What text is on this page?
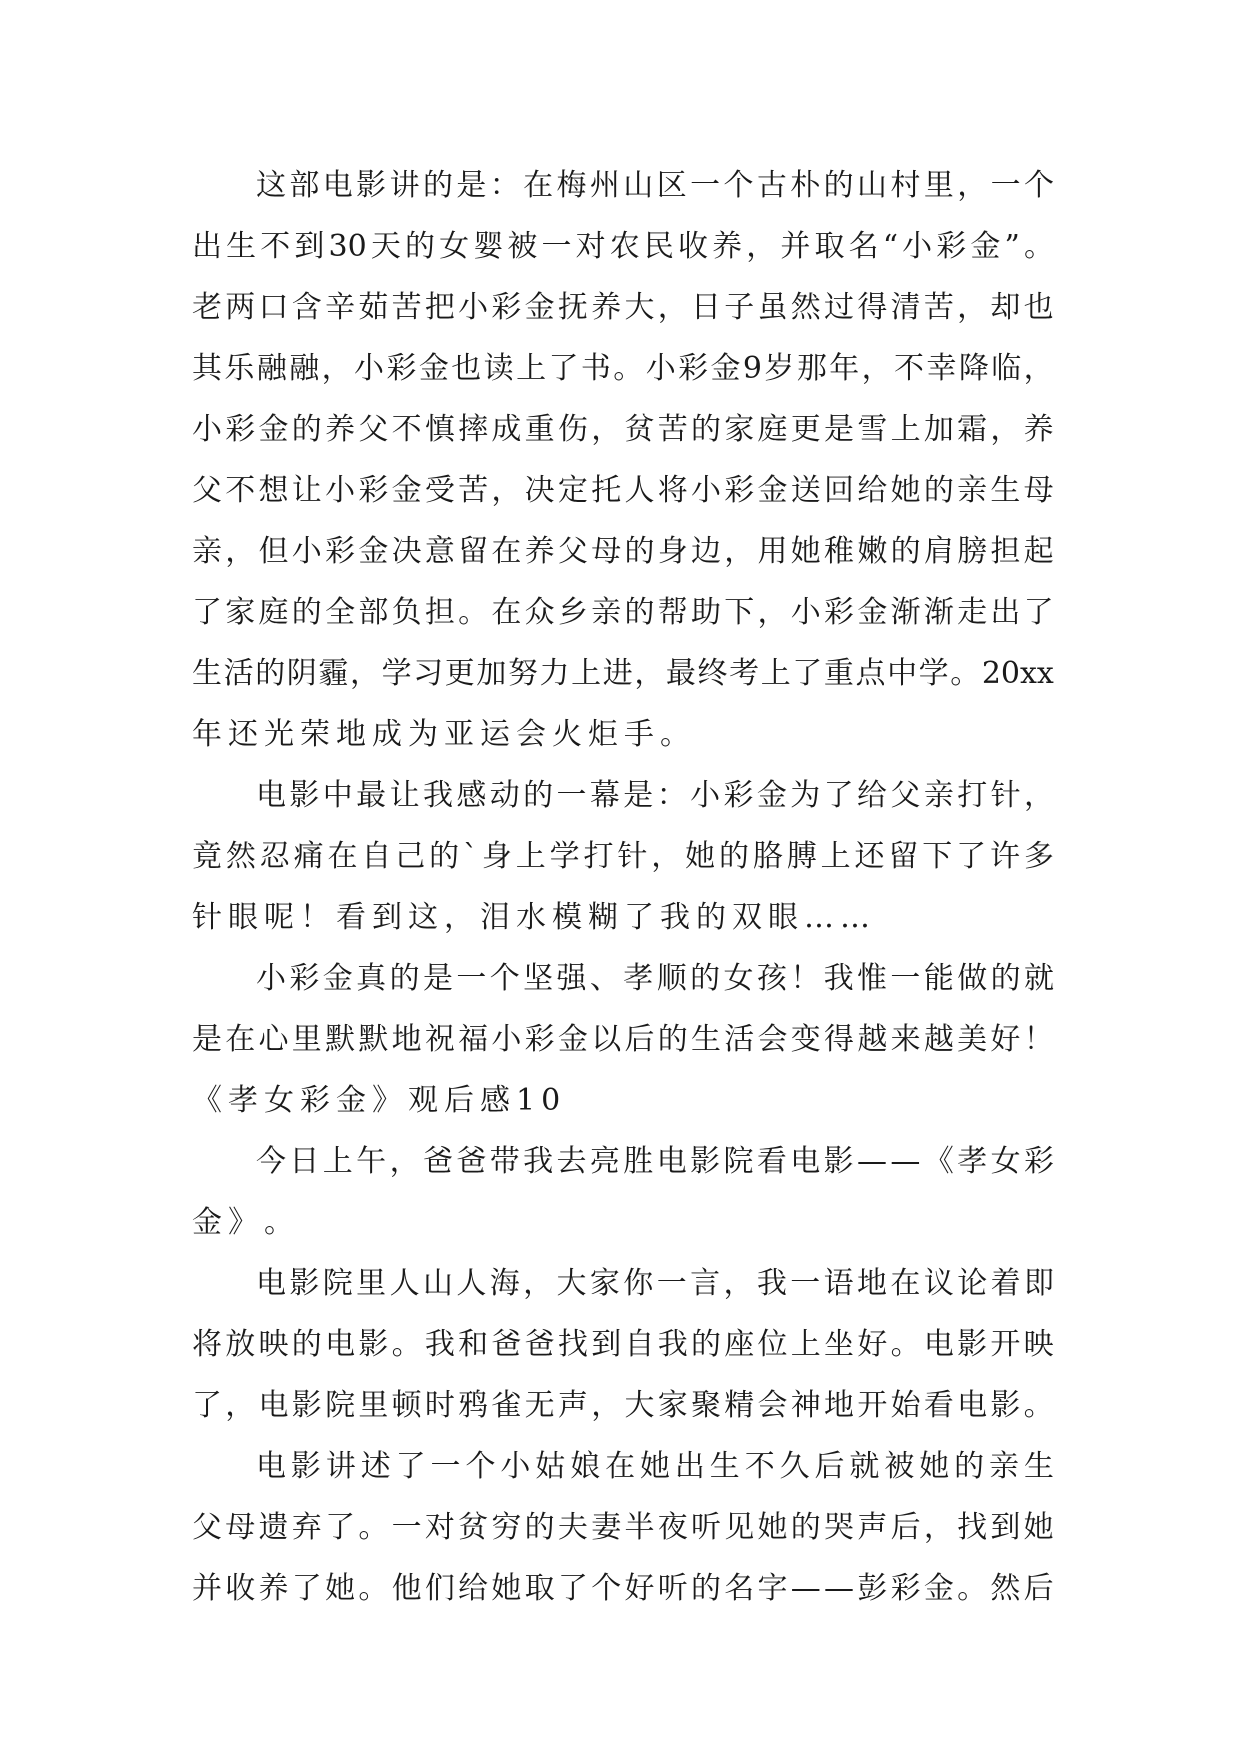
这 部 电 影 讲 的 是 ： 在 梅 州 山 区 一 个 古 朴 的 山 村 里 ， 一 个
出 生 不 到 30 天 的 女 婴 被 一 对 农 民 收 养 ， 并 取 名 “ 小 彩 金 ” 。
老 两 口 含 辛 茹 苦 把 小 彩 金 抚 养 大 ， 日 子 虽 然 过 得 清 苦 ， 却 也
其 乐 融 融 ， 小 彩 金 也 读 上 了 书 。 小 彩 金 9 岁 那 年 ， 不 幸 降 临 ，
小 彩 金 的 养 父 不 慎 摔 成 重 伤 ， 贫 苦 的 家 庭 更 是 雪 上 加 霜 ， 养
父 不 想 让 小 彩 金 受 苦 ， 决 定 托 人 将 小 彩 金 送 回 给 她 的 亲 生 母
亲 ， 但 小 彩 金 决 意 留 在 养 父 母 的 身 边 ， 用 她 稚 嫩 的 肩 膀 担 起
了 家 庭 的 全 部 负 担 。 在 众 乡 亲 的 帮 助 下 ， 小 彩 金 渐 渐 走 出 了
生 活 的 阴 霾 ， 学 习 更 加 努 力 上 进 ， 最 终 考 上 了 重 点 中 学 。 20xx
年 还 光 荣 地 成 为 亚 运 会 火 炬 手 。
电 影 中 最 让 我 感 动 的 一 幕 是 ： 小 彩 金 为 了 给 父 亲 打 针 ，
竟 然 忍 痛 在 自 己 的 ` 身 上 学 打 针 ， 她 的 胳 膊 上 还 留 下 了 许 多
针 眼 呢 ！ 看 到 这 ， 泪 水 模 糊 了 我 的 双 眼 … …
小 彩 金 真 的 是 一 个 坚 强 、 孝 顺 的 女 孩 ！ 我 惟 一 能 做 的 就
是 在 心 里 默 默 地 祝 福 小 彩 金 以 后 的 生 活 会 变 得 越 来 越 美 好 ！
《 孝 女 彩 金 》 观 后 感 10
今 日 上 午 ， 爸 爸 带 我 去 亮 胜 电 影 院 看 电 影 — — 《 孝 女 彩
金 》 。
电 影 院 里 人 山 人 海 ， 大 家 你 一 言 ， 我 一 语 地 在 议 论 着 即
将 放 映 的 电 影 。 我 和 爸 爸 找 到 自 我 的 座 位 上 坐 好 。 电 影 开 映
了 ， 电 影 院 里 顿 时 鸦 雀 无 声 ， 大 家 聚 精 会 神 地 开 始 看 电 影 。
电 影 讲 述 了 一 个 小 姑 娘 在 她 出 生 不 久 后 就 被 她 的 亲 生
父 母 遗 弃 了 。 一 对 贫 穷 的 夫 妻 半 夜 听 见 她 的 哭 声 后 ， 找 到 她
并 收 养 了 她 。 他 们 给 她 取 了 个 好 听 的 名 字 — — 彭 彩 金 。 然 后
